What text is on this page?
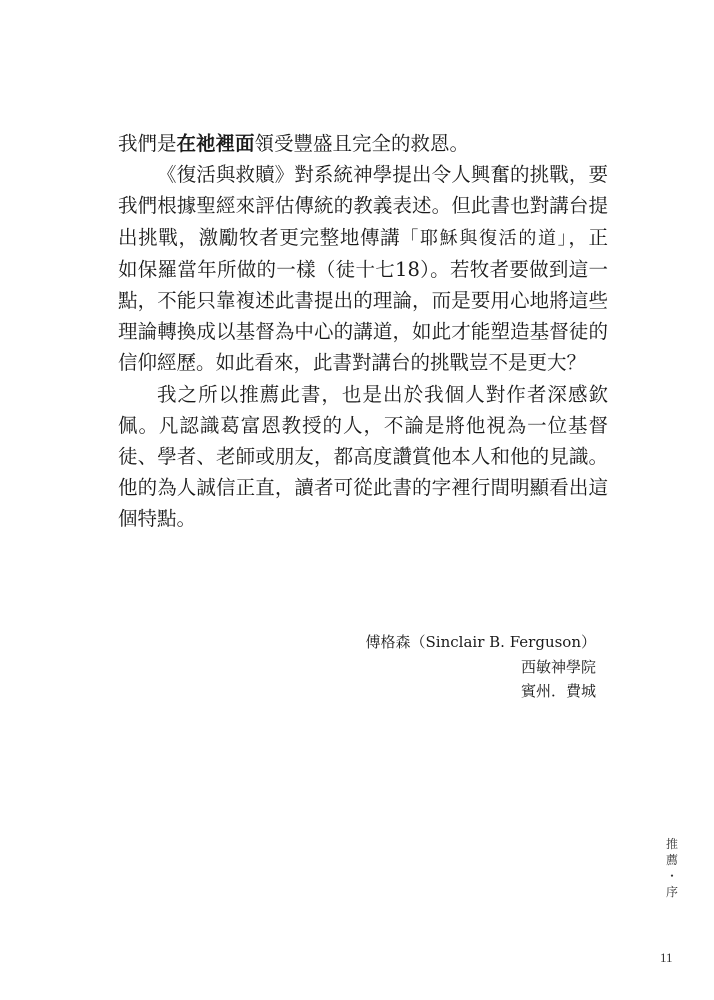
我們是在祂裡面領受豐盛且完全的救恩。

《復活與救贖》對系統神學提出令人興奮的挑戰，要我們根據聖經來評估傳統的教義表述。但此書也對講台提出挑戰，激勵牧者更完整地傳講「耶穌與復活的道」，正如保羅當年所做的一樣（徒十七18）。若牧者要做到這一點，不能只靠複述此書提出的理論，而是要用心地將這些理論轉換成以基督為中心的講道，如此才能塑造基督徒的信仰經歷。如此看來，此書對講台的挑戰豈不是更大？

我之所以推薦此書，也是出於我個人對作者深感欽佩。凡認識葛富恩教授的人，不論是將他視為一位基督徒、學者、老師或朋友，都高度讚賞他本人和他的見識。他的為人誠信正直，讀者可從此書的字裡行間明顯看出這個特點。

傅格森（Sinclair B. Ferguson）
西敏神學院
賓州．費城
推
薦
・
序
11
